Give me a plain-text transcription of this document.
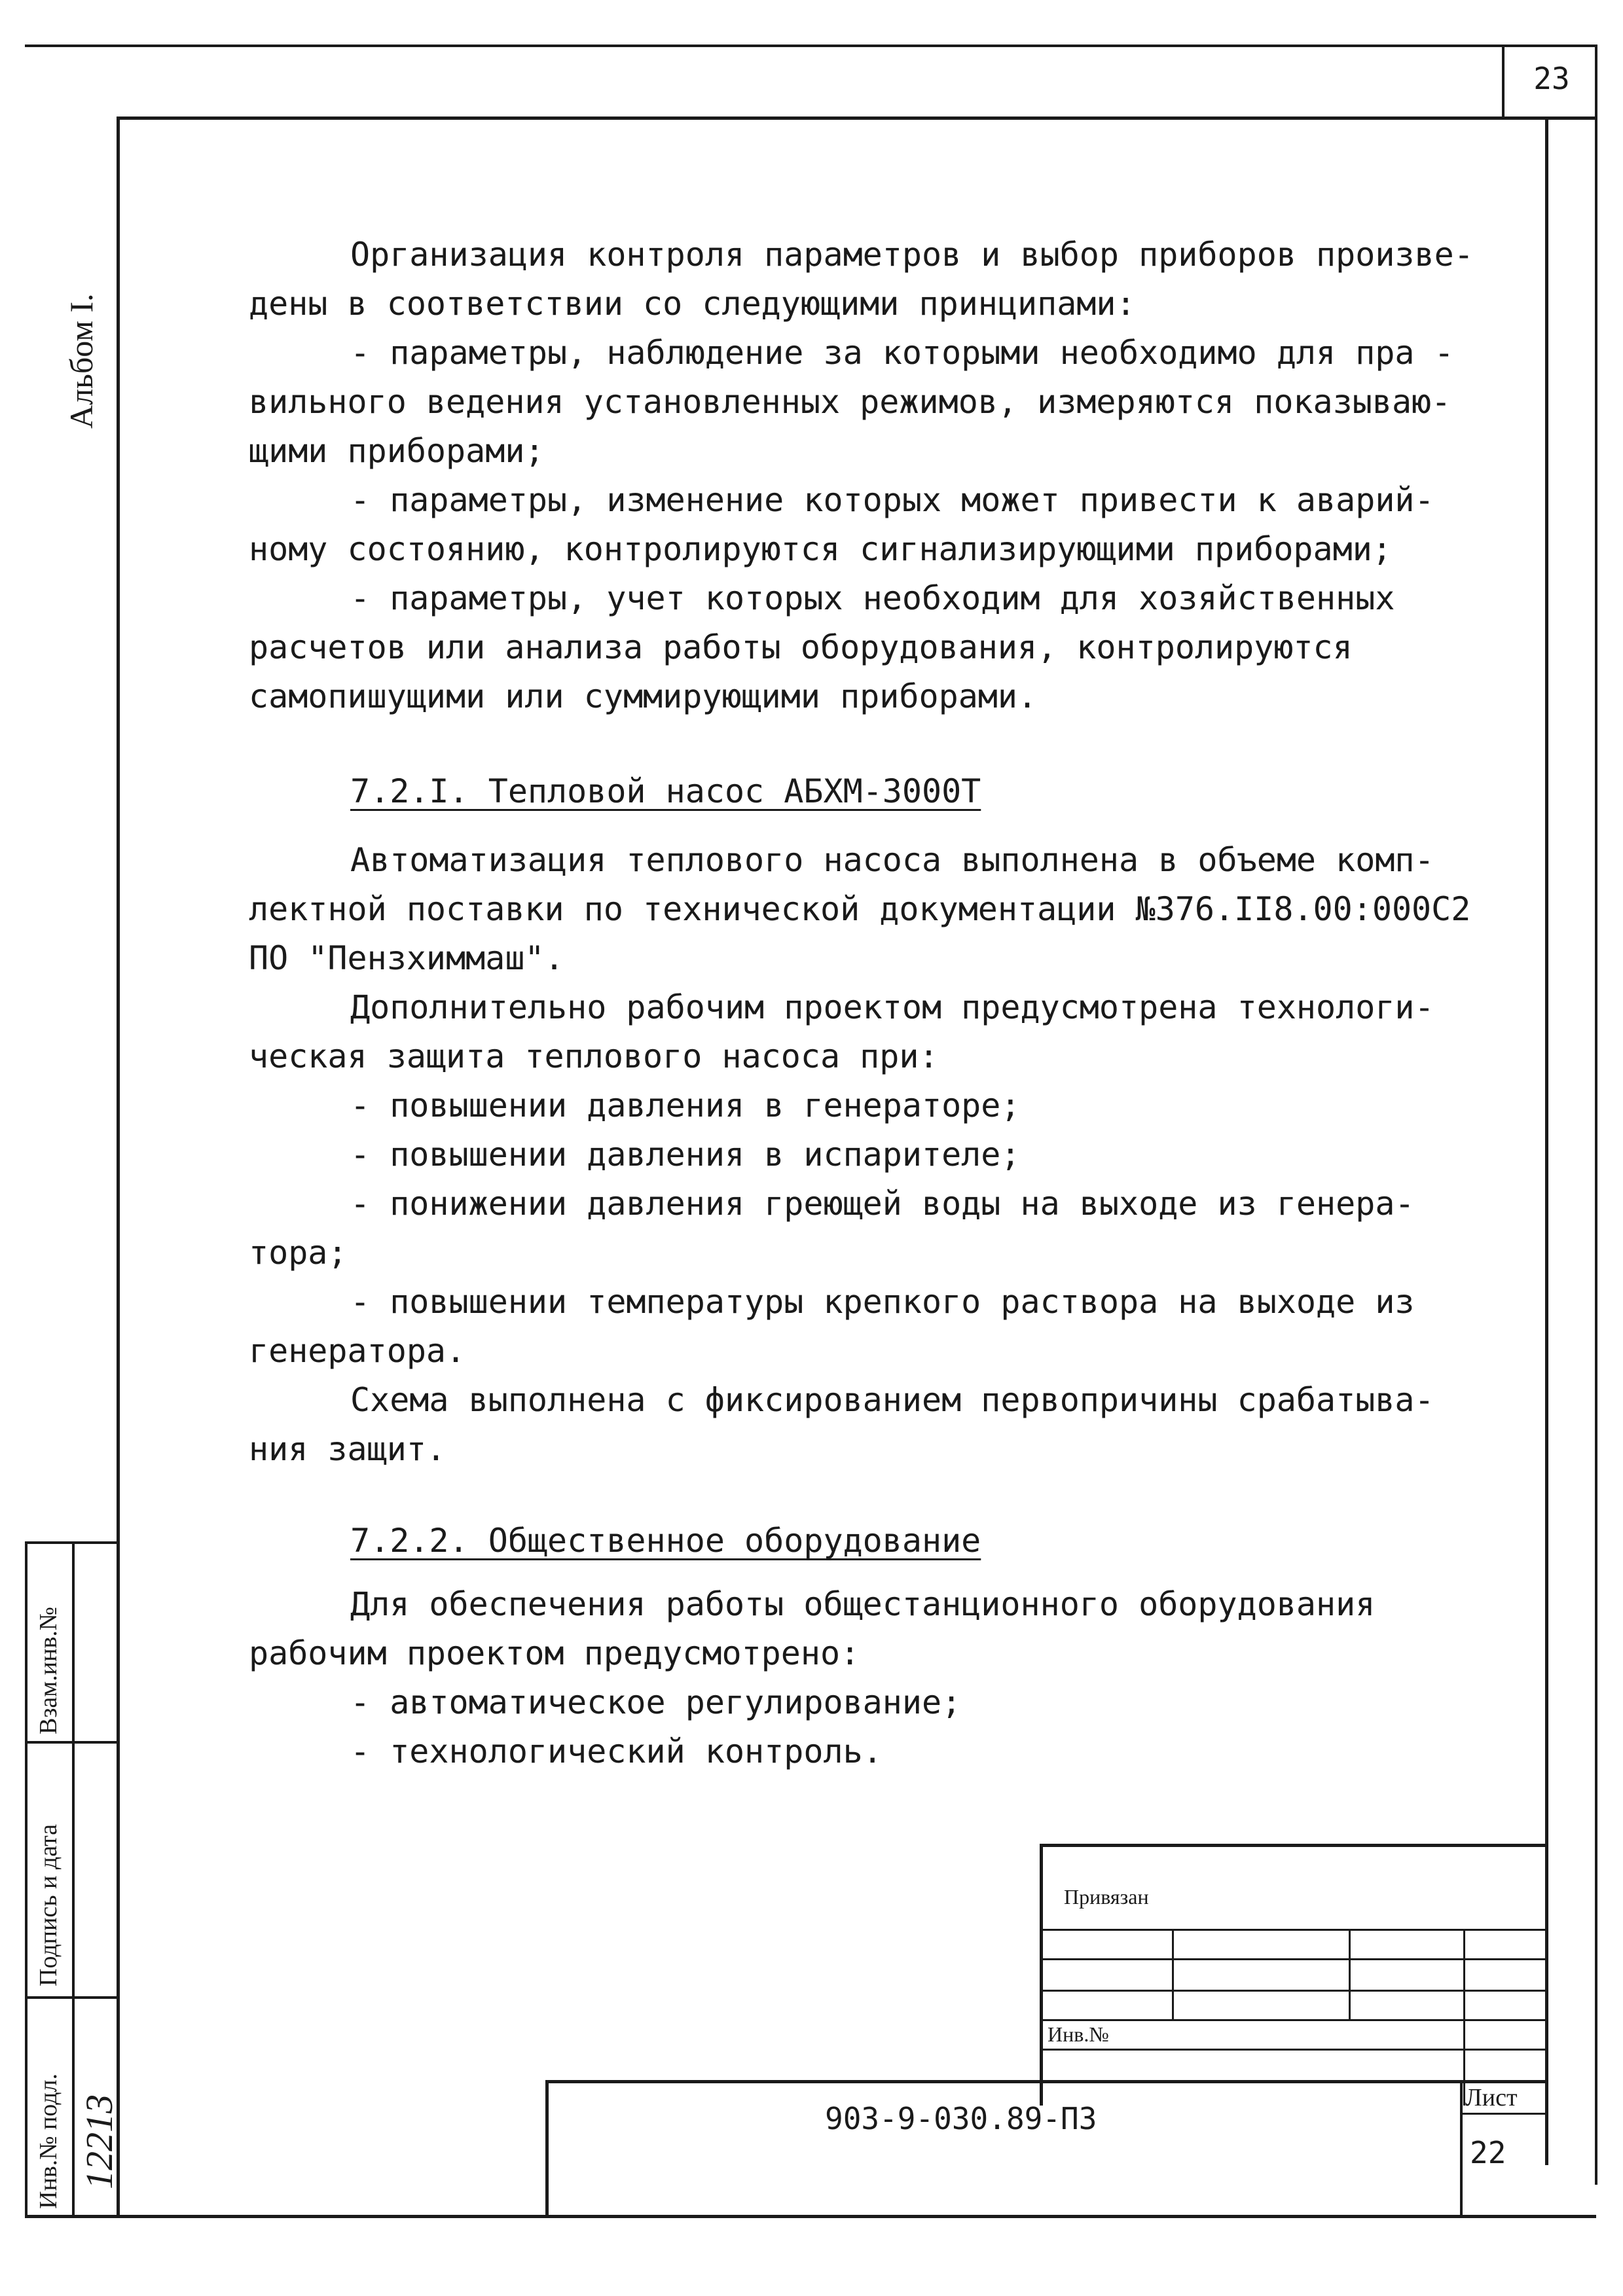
23
Альбом I.
Взам.инв.№
Подпись и дата
Инв.№ подл. 12213

Организация контроля параметров и выбор приборов произве-

дены в соответствии со следующими принципами:

- параметры, наблюдение за которыми необходимо для пра -

вильного ведения установленных режимов, измеряются показываю-

щими приборами;

- параметры, изменение которых может привести к аварий-

ному состоянию, контролируются сигнализирующими приборами;

- параметры, учет которых необходим для хозяйственных

расчетов или анализа работы оборудования, контролируются

самопишущими или суммирующими приборами.

7.2.I. Тепловой насос АБХМ-3000Т

Автоматизация теплового насоса выполнена в объеме комп-

лектной поставки по технической документации №376.II8.00:000С2

ПО "Пензхиммаш".

Дополнительно рабочим проектом предусмотрена технологи-

ческая защита теплового насоса при:

- повышении давления в генераторе;

- повышении давления в испарителе;

- понижении давления греющей воды на выходе из генера-

тора;

- повышении температуры крепкого раствора на выходе из

генератора.

Схема выполнена с фиксированием первопричины срабатыва-

ния защит.

7.2.2. Общественное оборудование

Для обеспечения работы общестанционного оборудования

рабочим проектом предусмотрено:

- автоматическое регулирование;

- технологический контроль.

Привязан
Инв.№
903-9-030.89-ПЗ
Лист
22
